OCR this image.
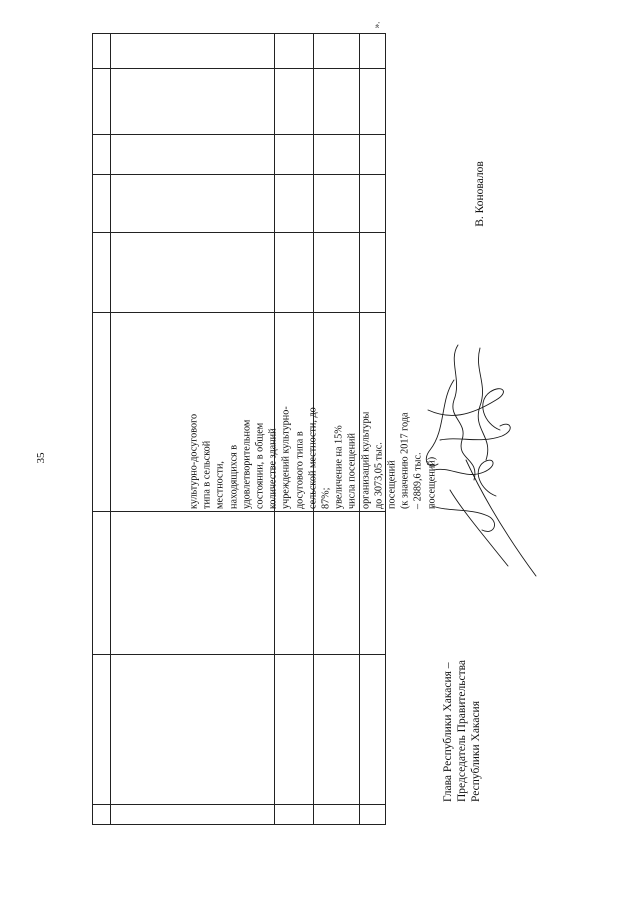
35
».
культурно-досугового типа в сельской местности, находящихся в удовлетворительном состоянии, в общем количестве зданий учреждений культурно- досугового типа в сельской местности, до 87%; увеличение на 15% числа посещений организаций культуры до 3073,05 тыс. посещений (к значению 2017 года – 2889,6 тыс. посещений)
Глава Республики Хакасия – Председатель Правительства Республики Хакасия
В. Коновалов
